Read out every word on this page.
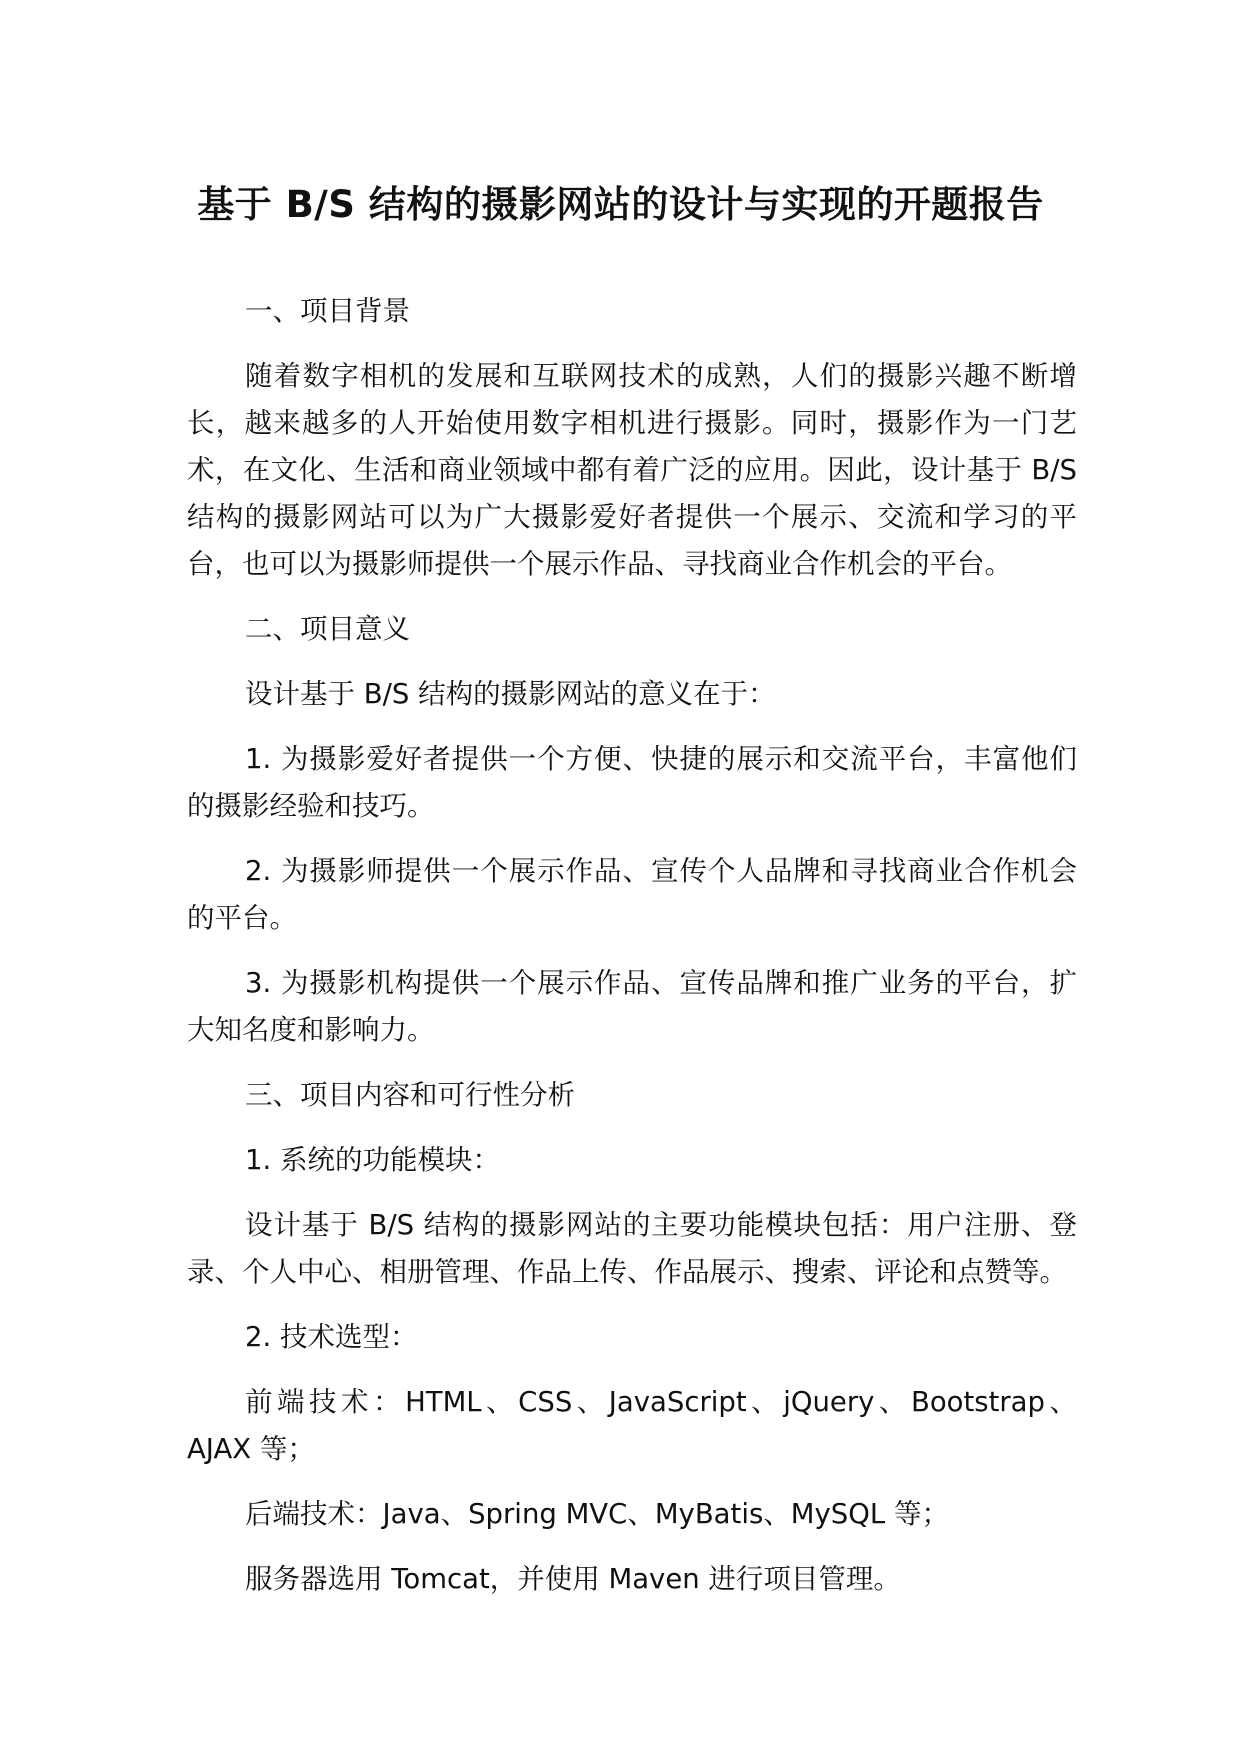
基于 B/S 结构的摄影网站的设计与实现的开题报告

一、项目背景

随着数字相机的发展和互联网技术的成熟，人们的摄影兴趣不断增长，越来越多的人开始使用数字相机进行摄影。同时，摄影作为一门艺术，在文化、生活和商业领域中都有着广泛的应用。因此，设计基于 B/S 结构的摄影网站可以为广大摄影爱好者提供一个展示、交流和学习的平台，也可以为摄影师提供一个展示作品、寻找商业合作机会的平台。

二、项目意义

设计基于 B/S 结构的摄影网站的意义在于：

1. 为摄影爱好者提供一个方便、快捷的展示和交流平台，丰富他们的摄影经验和技巧。

2. 为摄影师提供一个展示作品、宣传个人品牌和寻找商业合作机会的平台。

3. 为摄影机构提供一个展示作品、宣传品牌和推广业务的平台，扩大知名度和影响力。

三、项目内容和可行性分析

1. 系统的功能模块：

设计基于 B/S 结构的摄影网站的主要功能模块包括：用户注册、登录、个人中心、相册管理、作品上传、作品展示、搜索、评论和点赞等。

2. 技术选型：

前端技术：HTML、CSS、JavaScript、jQuery、Bootstrap、AJAX 等；

后端技术：Java、Spring MVC、MyBatis、MySQL 等；

服务器选用 Tomcat，并使用 Maven 进行项目管理。
